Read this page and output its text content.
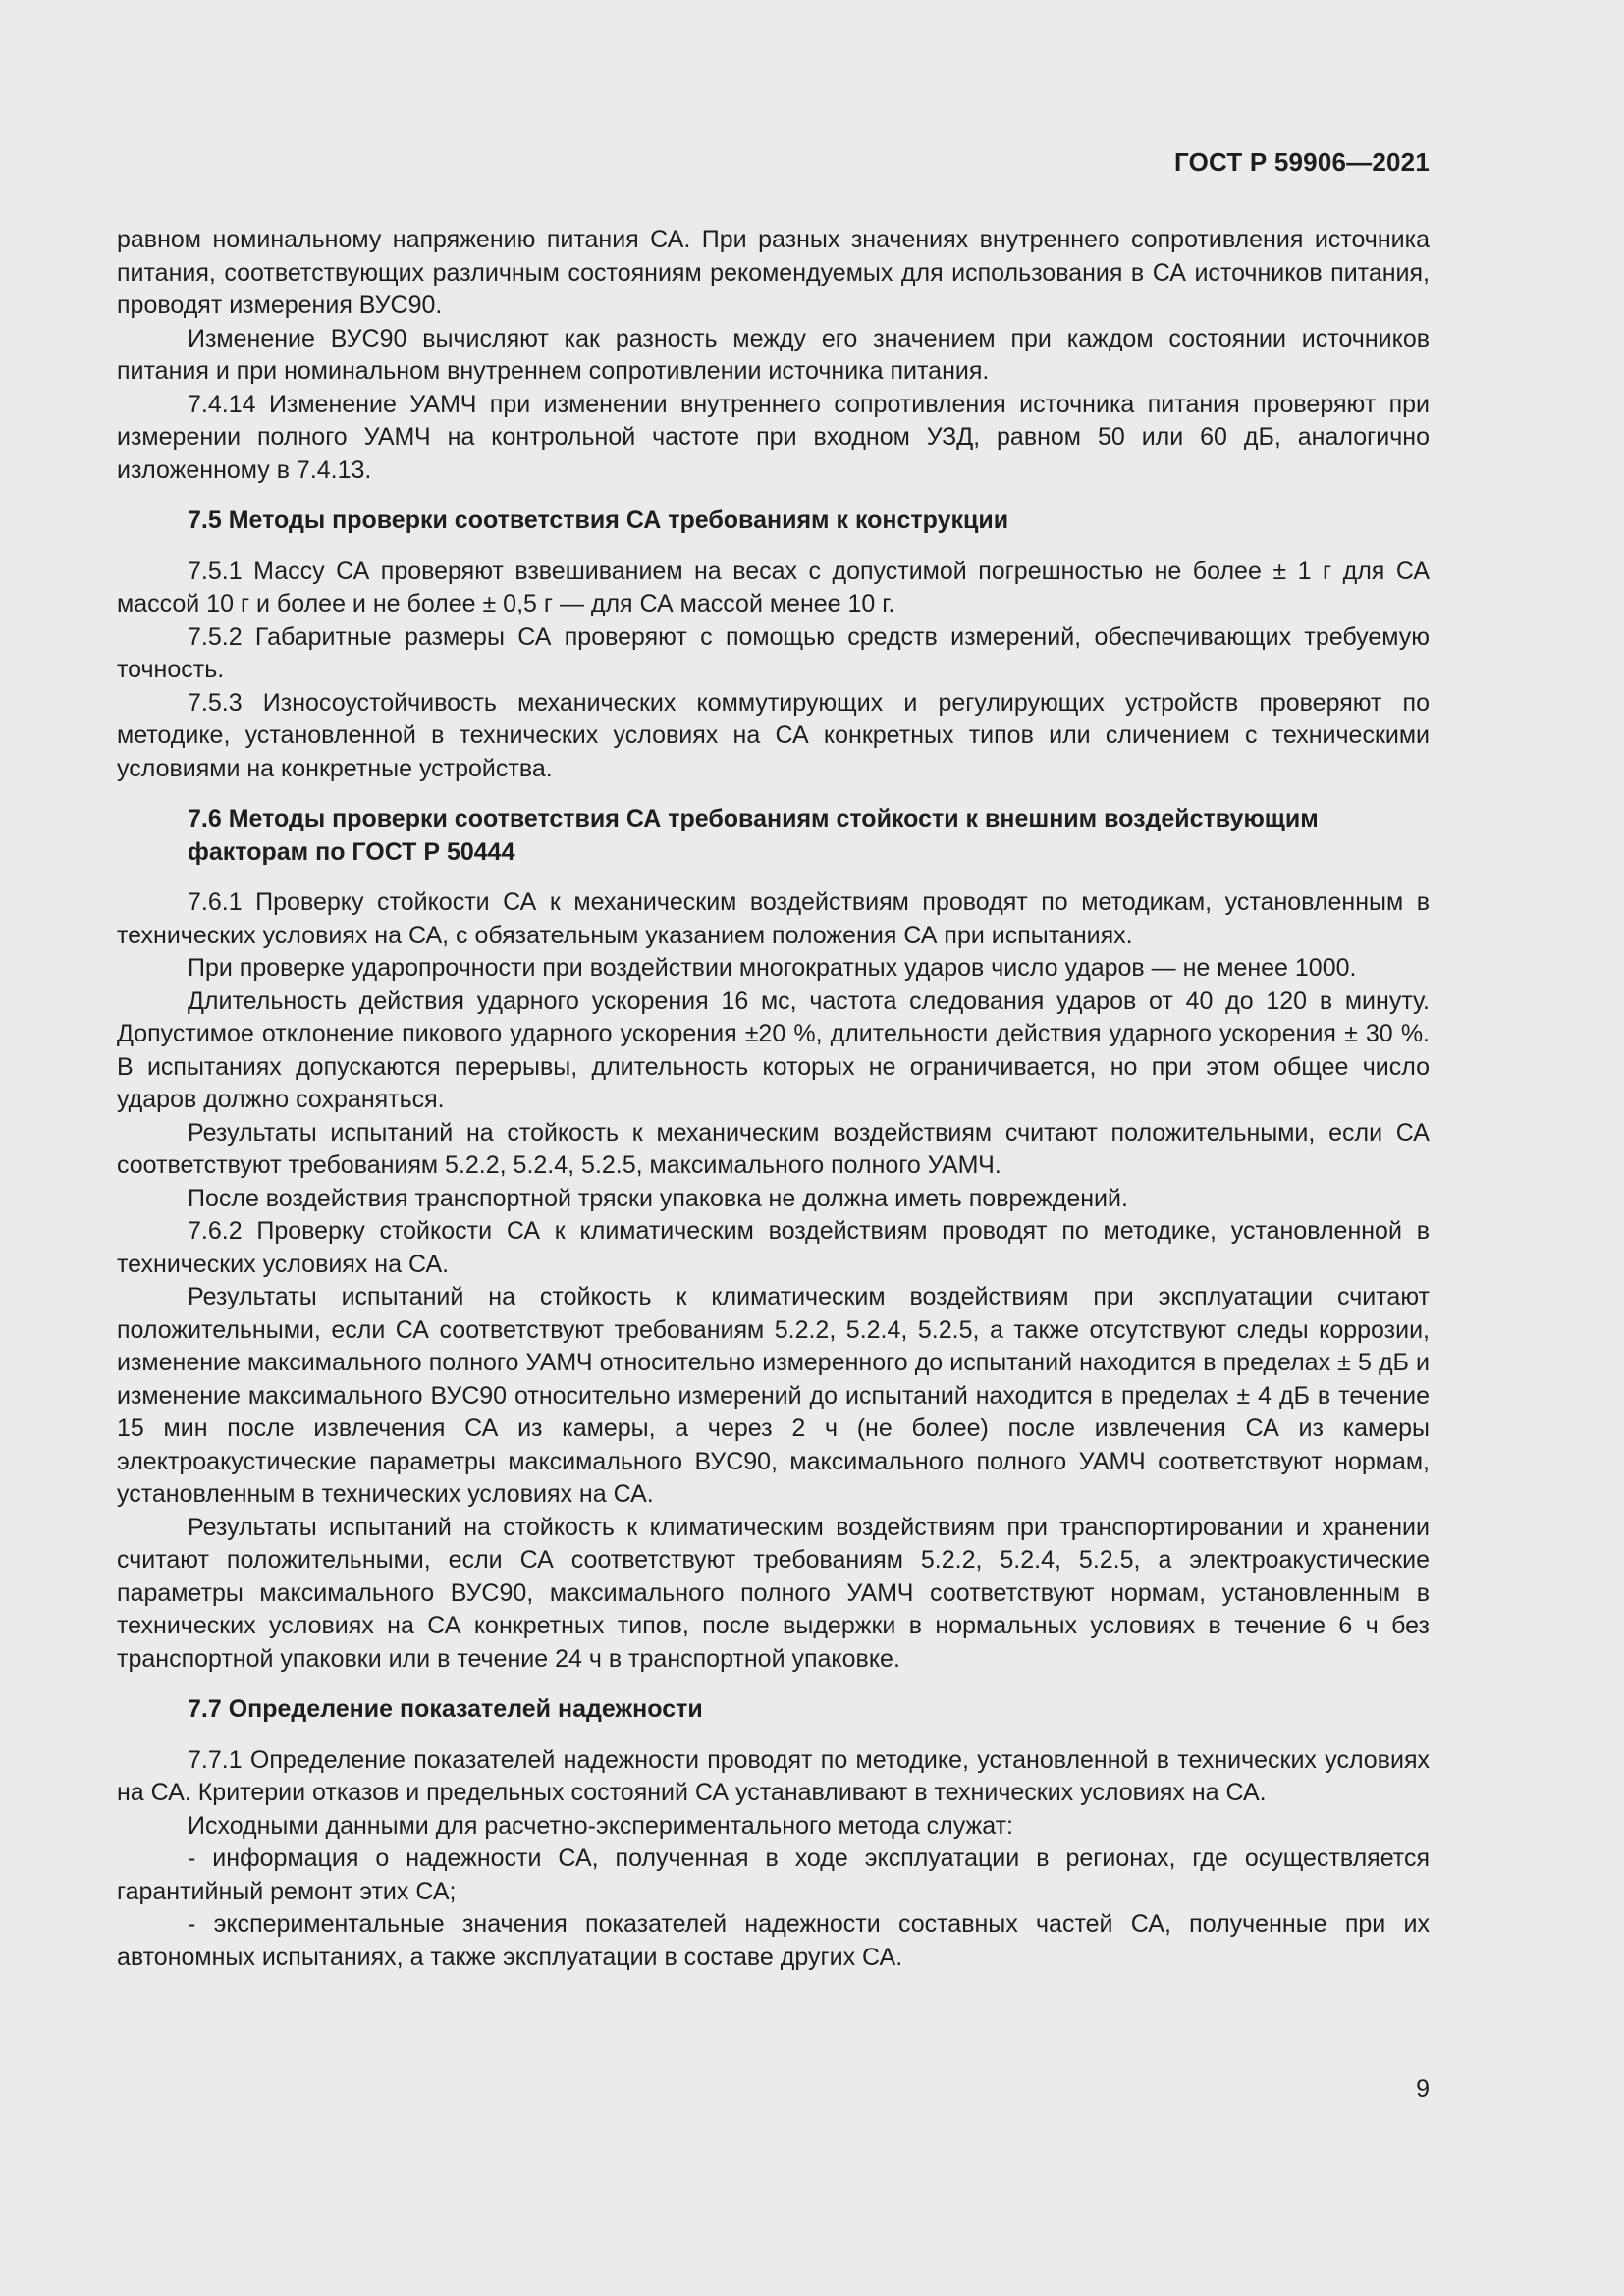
ГОСТ Р 59906—2021

равном номинальному напряжению питания СА. При разных значениях внутреннего сопротивления источника питания, соответствующих различным состояниям рекомендуемых для использования в СА источников питания, проводят измерения ВУС90.

Изменение ВУС90 вычисляют как разность между его значением при каждом состоянии источников питания и при номинальном внутреннем сопротивлении источника питания.

7.4.14 Изменение УАМЧ при изменении внутреннего сопротивления источника питания проверяют при измерении полного УАМЧ на контрольной частоте при входном УЗД, равном 50 или 60 дБ, аналогично изложенному в 7.4.13.

7.5 Методы проверки соответствия СА требованиям к конструкции

7.5.1 Массу СА проверяют взвешиванием на весах с допустимой погрешностью не более ± 1 г для СА массой 10 г и более и не более ± 0,5 г — для СА массой менее 10 г.

7.5.2 Габаритные размеры СА проверяют с помощью средств измерений, обеспечивающих требуемую точность.

7.5.3 Износоустойчивость механических коммутирующих и регулирующих устройств проверяют по методике, установленной в технических условиях на СА конкретных типов или сличением с техническими условиями на конкретные устройства.

7.6 Методы проверки соответствия СА требованиям стойкости к внешним воздействующим факторам по ГОСТ Р 50444

7.6.1 Проверку стойкости СА к механическим воздействиям проводят по методикам, установленным в технических условиях на СА, с обязательным указанием положения СА при испытаниях.

При проверке ударопрочности при воздействии многократных ударов число ударов — не менее 1000.

Длительность действия ударного ускорения 16 мс, частота следования ударов от 40 до 120 в минуту. Допустимое отклонение пикового ударного ускорения ±20 %, длительности действия ударного ускорения ± 30 %. В испытаниях допускаются перерывы, длительность которых не ограничивается, но при этом общее число ударов должно сохраняться.

Результаты испытаний на стойкость к механическим воздействиям считают положительными, если СА соответствуют требованиям 5.2.2, 5.2.4, 5.2.5, максимального полного УАМЧ.

После воздействия транспортной тряски упаковка не должна иметь повреждений.

7.6.2 Проверку стойкости СА к климатическим воздействиям проводят по методике, установленной в технических условиях на СА.

Результаты испытаний на стойкость к климатическим воздействиям при эксплуатации считают положительными, если СА соответствуют требованиям 5.2.2, 5.2.4, 5.2.5, а также отсутствуют следы коррозии, изменение максимального полного УАМЧ относительно измеренного до испытаний находится в пределах ± 5 дБ и изменение максимального ВУС90 относительно измерений до испытаний находится в пределах ± 4 дБ в течение 15 мин после извлечения СА из камеры, а через 2 ч (не более) после извлечения СА из камеры электроакустические параметры максимального ВУС90, максимального полного УАМЧ соответствуют нормам, установленным в технических условиях на СА.

Результаты испытаний на стойкость к климатическим воздействиям при транспортировании и хранении считают положительными, если СА соответствуют требованиям 5.2.2, 5.2.4, 5.2.5, а электроакустические параметры максимального ВУС90, максимального полного УАМЧ соответствуют нормам, установленным в технических условиях на СА конкретных типов, после выдержки в нормальных условиях в течение 6 ч без транспортной упаковки или в течение 24 ч в транспортной упаковке.

7.7 Определение показателей надежности

7.7.1 Определение показателей надежности проводят по методике, установленной в технических условиях на СА. Критерии отказов и предельных состояний СА устанавливают в технических условиях на СА.

Исходными данными для расчетно-экспериментального метода служат:

- информация о надежности СА, полученная в ходе эксплуатации в регионах, где осуществляется гарантийный ремонт этих СА;

- экспериментальные значения показателей надежности составных частей СА, полученные при их автономных испытаниях, а также эксплуатации в составе других СА.

9
